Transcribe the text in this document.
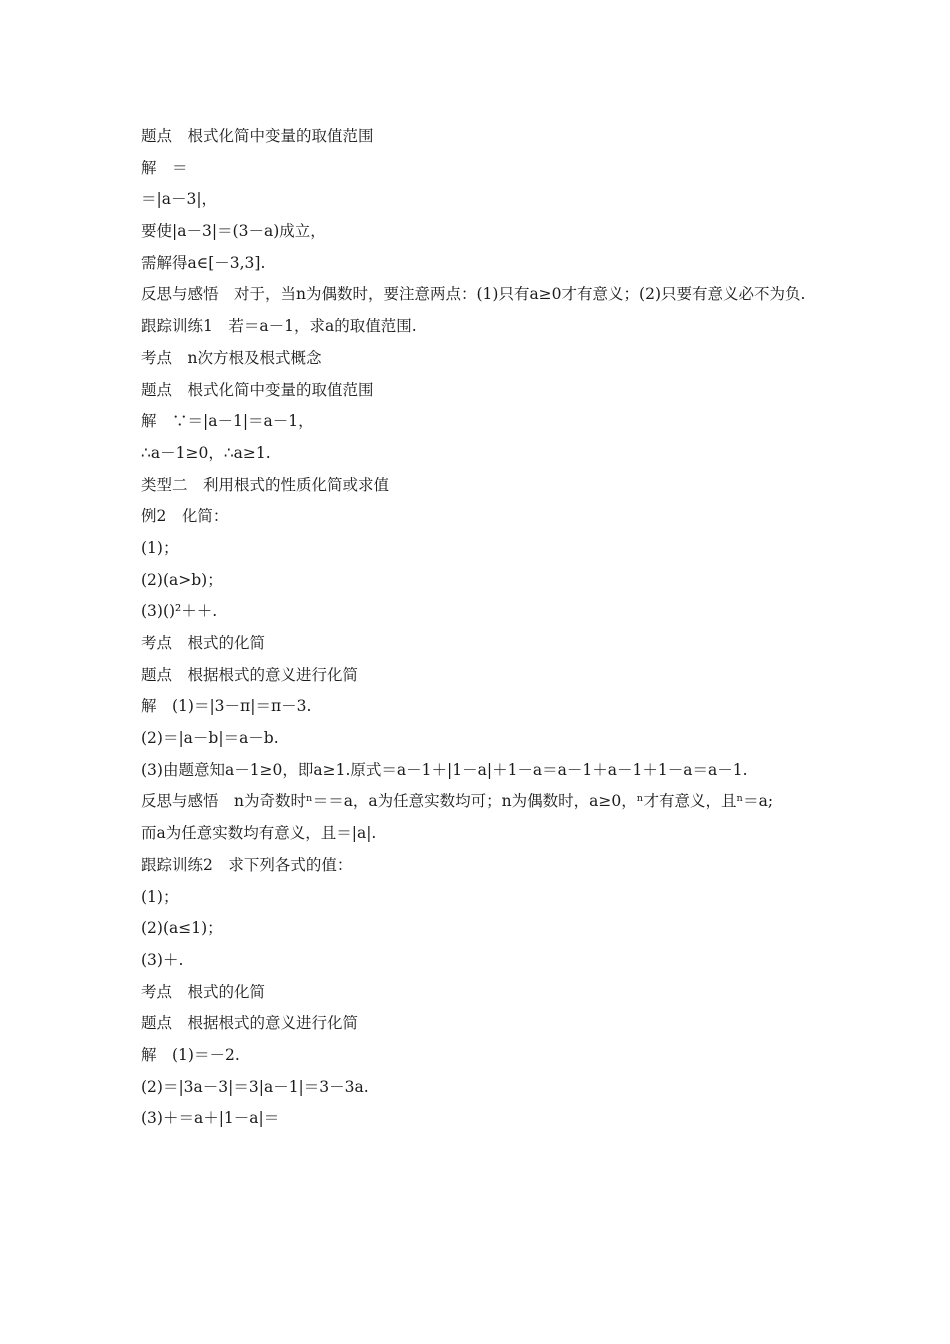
题点　根式化简中变量的取值范围
解　＝
＝|a－3|，
要使|a－3|＝(3－a)成立，
需解得a∈[－3,3].
反思与感悟　对于，当n为偶数时，要注意两点：(1)只有a≥0才有意义；(2)只要有意义必不为负.
跟踪训练1　若＝a－1，求a的取值范围.
考点　n次方根及根式概念
题点　根式化简中变量的取值范围
解　∵＝|a－1|＝a－1，
∴a－1≥0，∴a≥1.
类型二　利用根式的性质化简或求值
例2　化简：
(1)；
(2)(a>b)；
(3)()²＋＋.
考点　根式的化简
题点　根据根式的意义进行化简
解　(1)＝|3－π|＝π－3.
(2)＝|a－b|＝a－b.
(3)由题意知a－1≥0，即a≥1.原式＝a－1＋|1－a|＋1－a＝a－1＋a－1＋1－a＝a－1.
反思与感悟　n为奇数时ⁿ＝＝a，a为任意实数均可；n为偶数时，a≥0，ⁿ才有意义，且ⁿ＝a;
而a为任意实数均有意义，且＝|a|.
跟踪训练2　求下列各式的值：
(1)；
(2)(a≤1)；
(3)＋.
考点　根式的化简
题点　根据根式的意义进行化简
解　(1)＝－2.
(2)＝|3a－3|＝3|a－1|＝3－3a.
(3)＋＝a＋|1－a|＝
